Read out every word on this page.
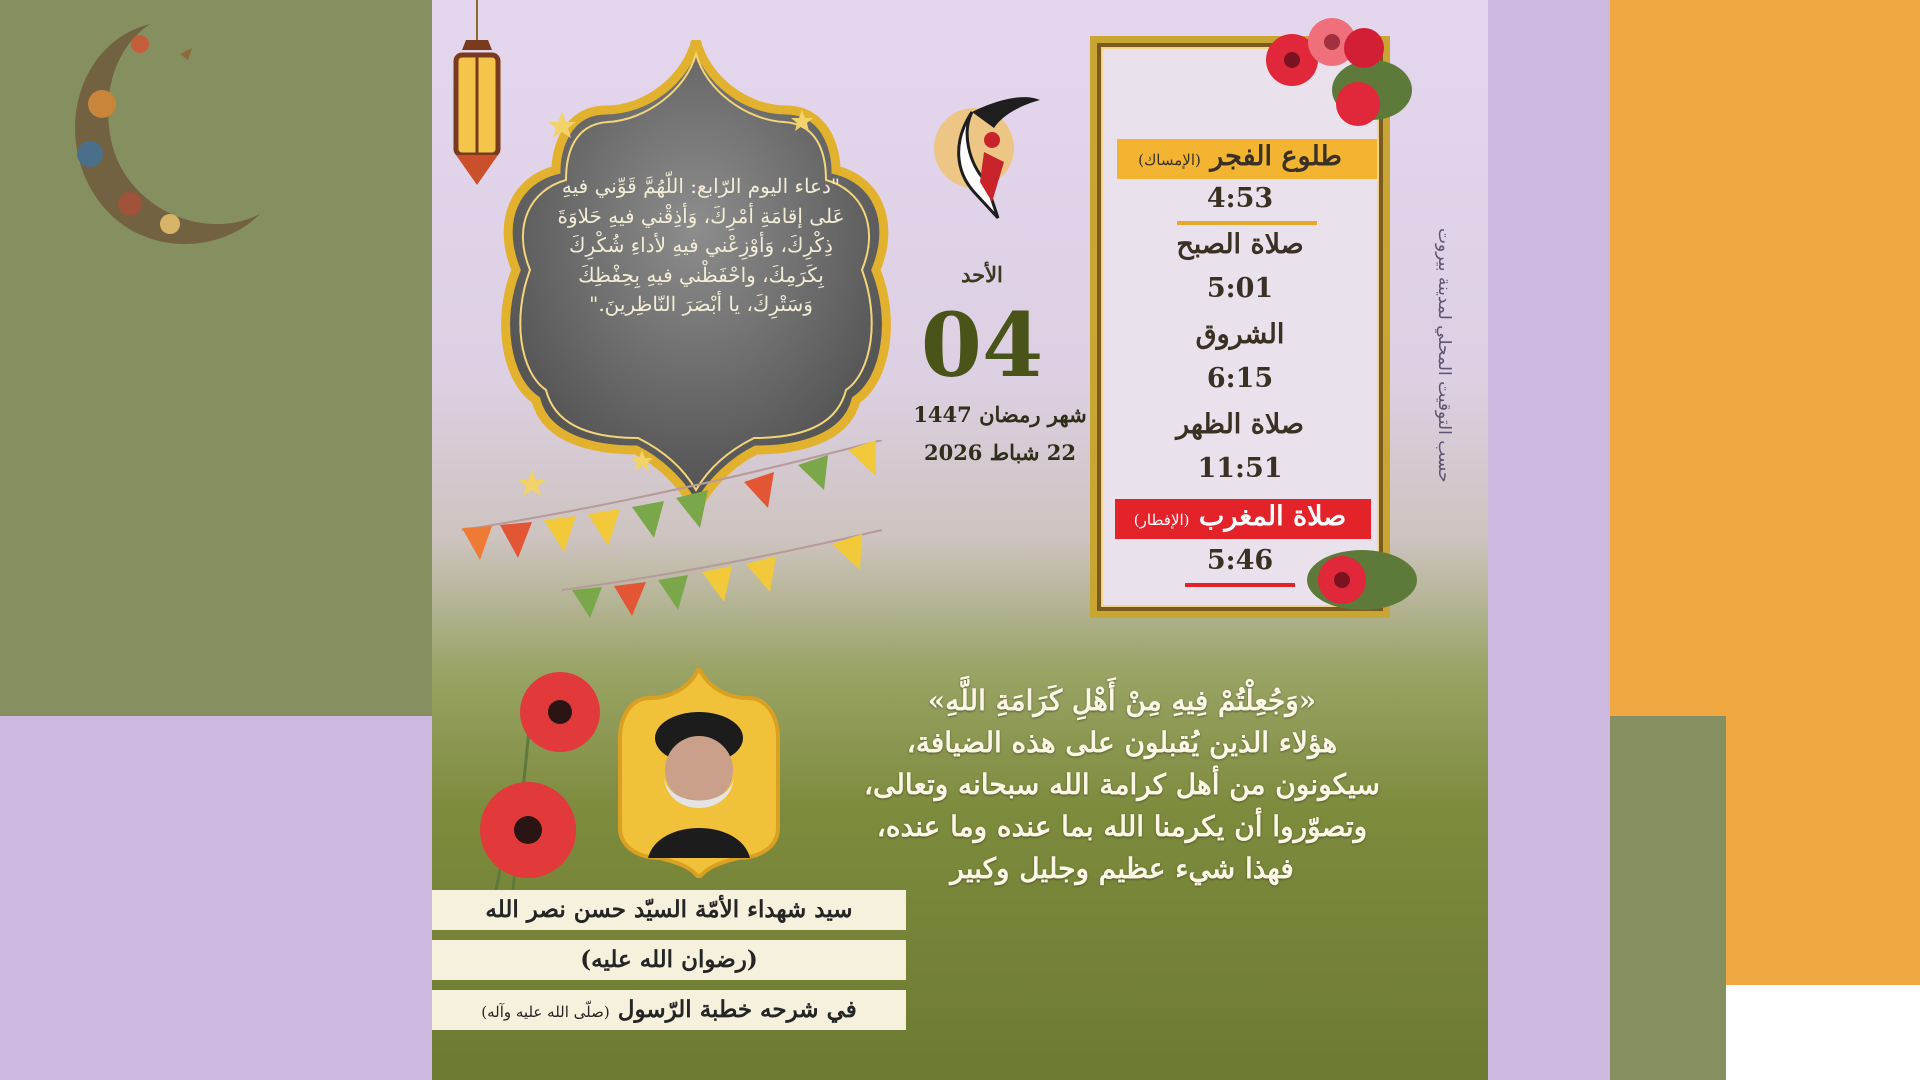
"دعاء اليوم الرّابع: اللّهُمَّ قَوِّني فيهِ عَلى إقامَةِ أمْرِكَ، وَأذِقْني فيهِ حَلاوَةَ ذِكْرِكَ، وَأوْزِعْني فيهِ لأداءِ شُكْرِكَ بِكَرَمِكَ، واحْفَظْني فيهِ بِحِفْظِكَ وَسَتْرِكَ، يا أبْصَرَ النّاظِرينَ."
الأحد
04
شهر رمضان 1447
22 شباط 2026
طلوع الفجر (الإمساك)
4:53
صلاة الصبح
5:01
الشروق
6:15
صلاة الظهر
11:51
صلاة المغرب (الإفطار)
5:46
حسب التوقيت المحلي لمدينة بيروت
«وَجُعِلْتُمْ فِيهِ مِنْ أَهْلِ كَرَامَةِ اللَّهِ»
هؤلاء الذين يُقبلون على هذه الضيافة،
سيكونون من أهل كرامة الله سبحانه وتعالى،
وتصوّروا أن يكرمنا الله بما عنده وما عنده،
فهذا شيء عظيم وجليل وكبير
سيد شهداء الأمّة السيّد حسن نصر الله
(رضوان الله عليه)
في شرحه خطبة الرّسول (صلّى الله عليه وآله)
